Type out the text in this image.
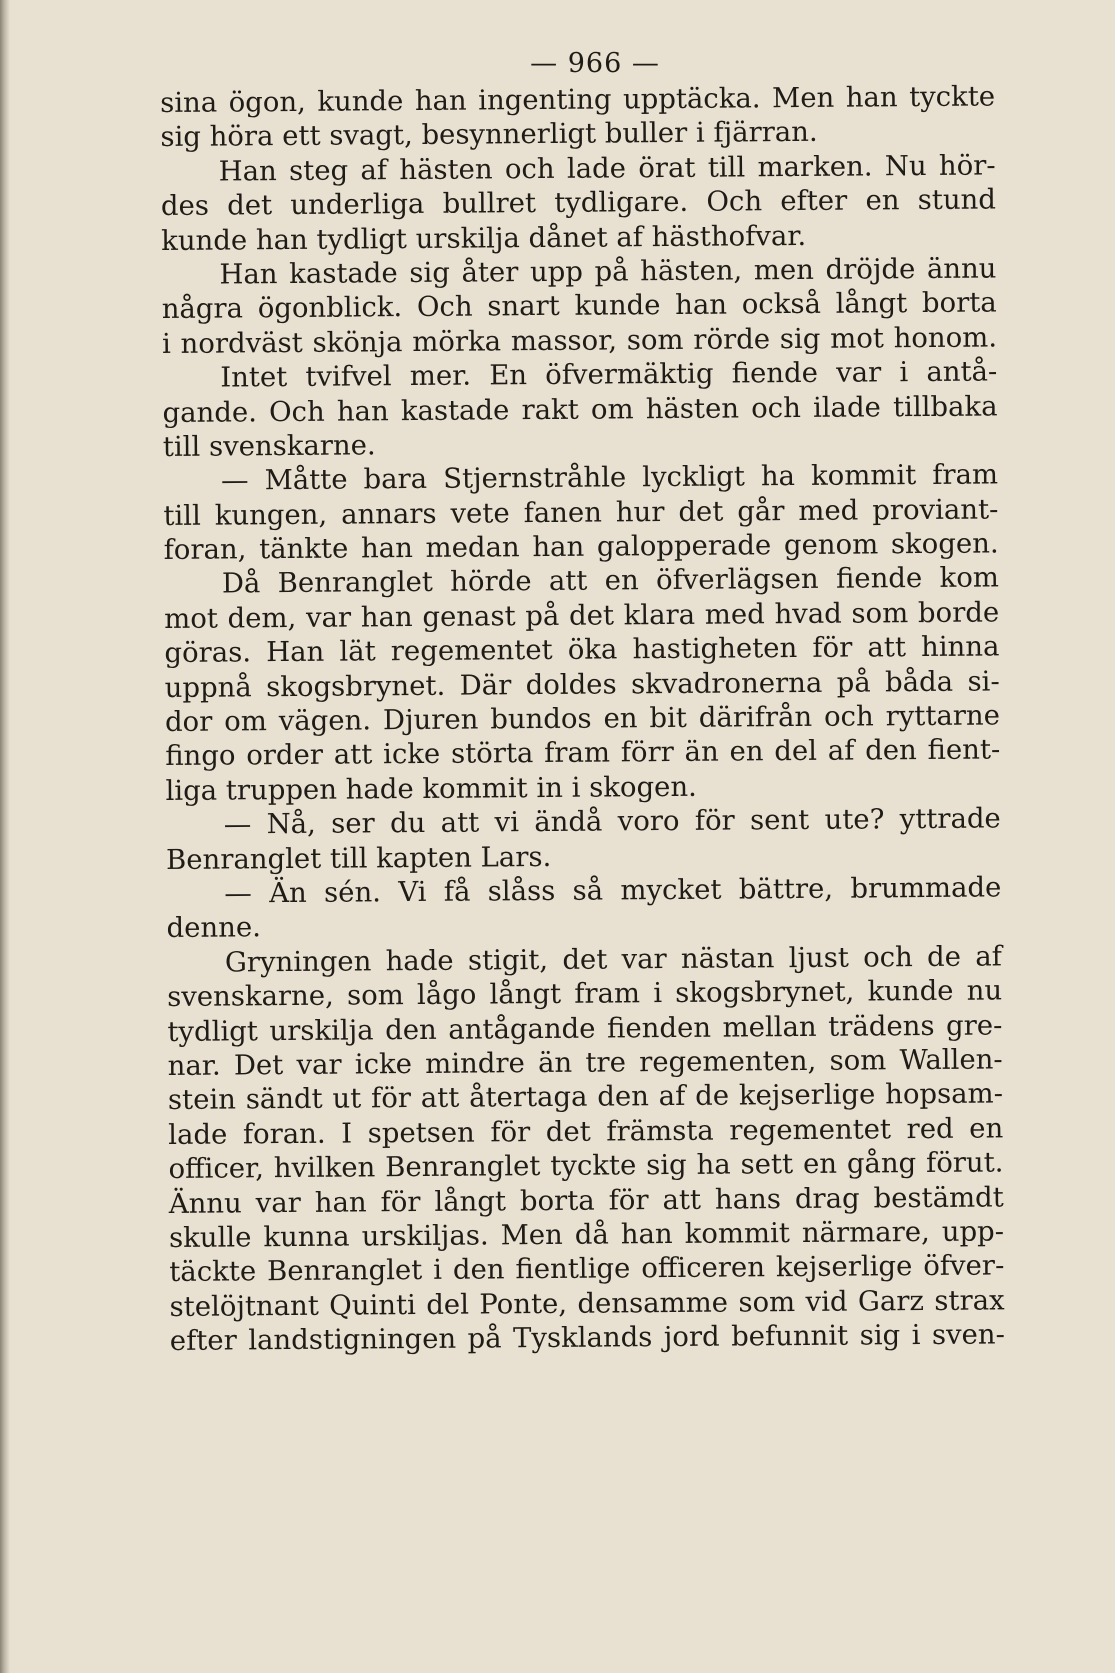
— 966 —
sina ögon, kunde han ingenting upptäcka. Men han tyckte
sig höra ett svagt, besynnerligt buller i fjärran.
Han steg af hästen och lade örat till marken. Nu hör-
des det underliga bullret tydligare. Och efter en stund
kunde han tydligt urskilja dånet af hästhofvar.
Han kastade sig åter upp på hästen, men dröjde ännu
några ögonblick. Och snart kunde han också långt borta
i nordväst skönja mörka massor, som rörde sig mot honom.
Intet tvifvel mer. En öfvermäktig fiende var i antå-
gande. Och han kastade rakt om hästen och ilade tillbaka
till svenskarne.
— Måtte bara Stjernstråhle lyckligt ha kommit fram
till kungen, annars vete fanen hur det går med proviant-
foran, tänkte han medan han galopperade genom skogen.
Då Benranglet hörde att en öfverlägsen fiende kom
mot dem, var han genast på det klara med hvad som borde
göras. Han lät regementet öka hastigheten för att hinna
uppnå skogsbrynet. Där doldes skvadronerna på båda si-
dor om vägen. Djuren bundos en bit därifrån och ryttarne
fingo order att icke störta fram förr än en del af den fient-
liga truppen hade kommit in i skogen.
— Nå, ser du att vi ändå voro för sent ute? yttrade
Benranglet till kapten Lars.
— Än sén. Vi få slåss så mycket bättre, brummade
denne.
Gryningen hade stigit, det var nästan ljust och de af
svenskarne, som lågo långt fram i skogsbrynet, kunde nu
tydligt urskilja den antågande fienden mellan trädens gre-
nar. Det var icke mindre än tre regementen, som Wallen-
stein sändt ut för att återtaga den af de kejserlige hopsam-
lade foran. I spetsen för det främsta regementet red en
officer, hvilken Benranglet tyckte sig ha sett en gång förut.
Ännu var han för långt borta för att hans drag bestämdt
skulle kunna urskiljas. Men då han kommit närmare, upp-
täckte Benranglet i den fientlige officeren kejserlige öfver-
stelöjtnant Quinti del Ponte, densamme som vid Garz strax
efter landstigningen på Tysklands jord befunnit sig i sven-
